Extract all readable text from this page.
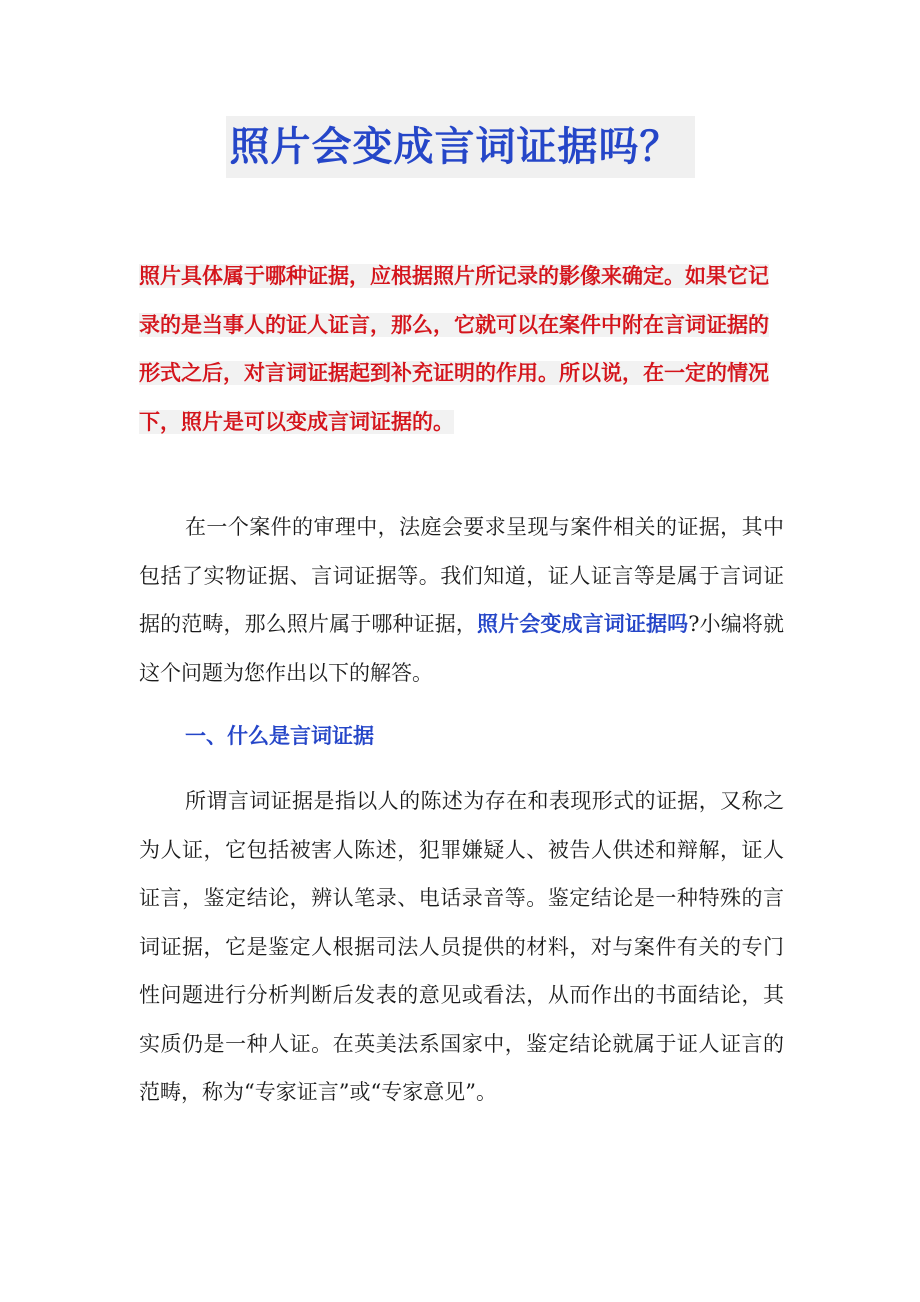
照片会变成言词证据吗？

照片具体属于哪种证据，应根据照片所记录的影像来确定。如果它记录的是当事人的证人证言，那么，它就可以在案件中附在言词证据的形式之后，对言词证据起到补充证明的作用。所以说，在一定的情况下，照片是可以变成言词证据的。

在一个案件的审理中，法庭会要求呈现与案件相关的证据，其中包括了实物证据、言词证据等。我们知道，证人证言等是属于言词证据的范畴，那么照片属于哪种证据，照片会变成言词证据吗?小编将就这个问题为您作出以下的解答。

一、什么是言词证据

所谓言词证据是指以人的陈述为存在和表现形式的证据，又称之为人证，它包括被害人陈述，犯罪嫌疑人、被告人供述和辩解，证人证言，鉴定结论，辨认笔录、电话录音等。鉴定结论是一种特殊的言词证据，它是鉴定人根据司法人员提供的材料，对与案件有关的专门性问题进行分析判断后发表的意见或看法，从而作出的书面结论，其实质仍是一种人证。在英美法系国家中，鉴定结论就属于证人证言的范畴，称为“专家证言”或“专家意见”。
